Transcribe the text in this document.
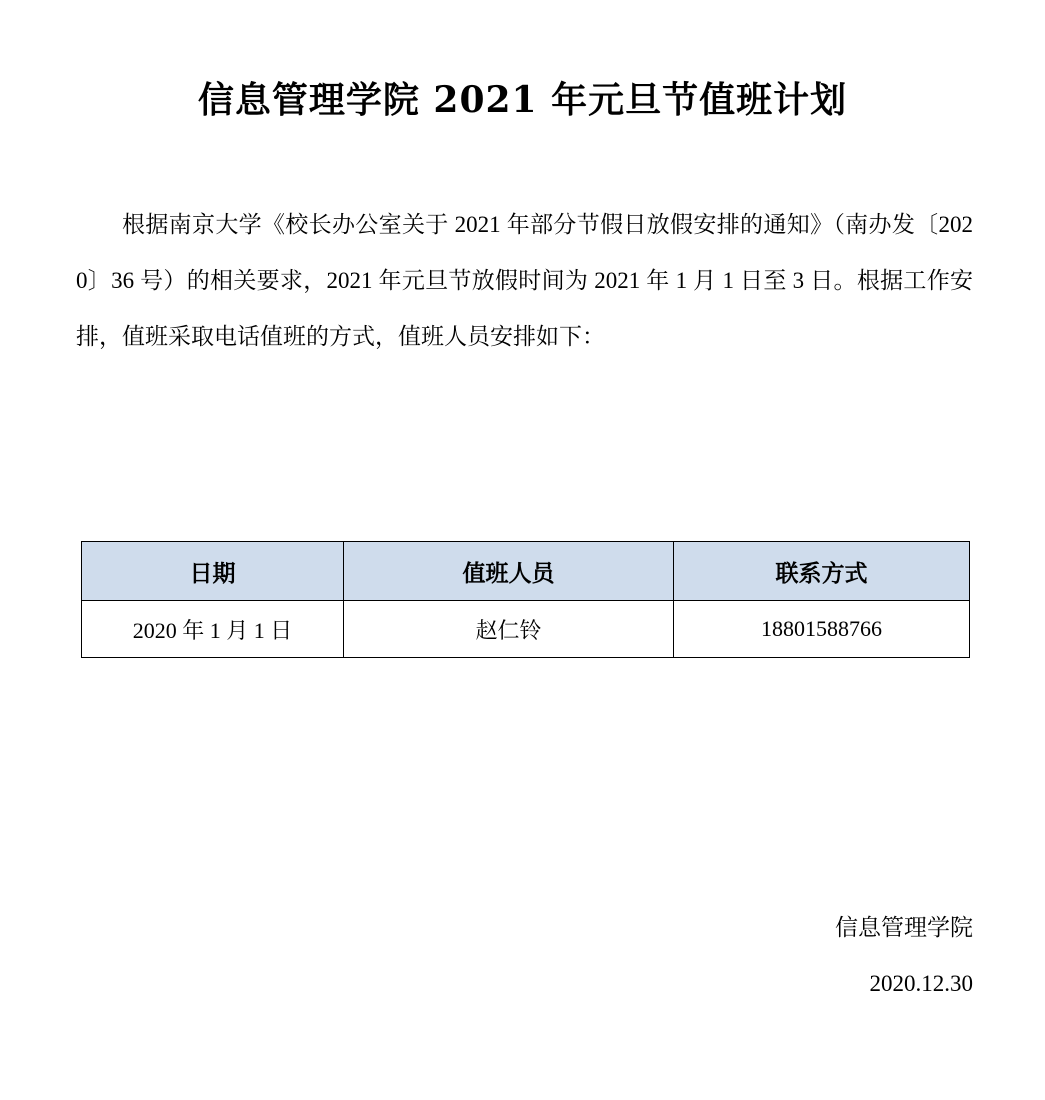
信息管理学院 2021 年元旦节值班计划

根据南京大学《校长办公室关于 2021 年部分节假日放假安排的通知》（南办发〔2020〕36 号）的相关要求，2021 年元旦节放假时间为 2021 年 1 月 1 日至 3 日。根据工作安排，值班采取电话值班的方式，值班人员安排如下：

日期	值班人员	联系方式
2020 年 1 月 1 日	赵仁铃	18801588766
信息管理学院
2020.12.30
